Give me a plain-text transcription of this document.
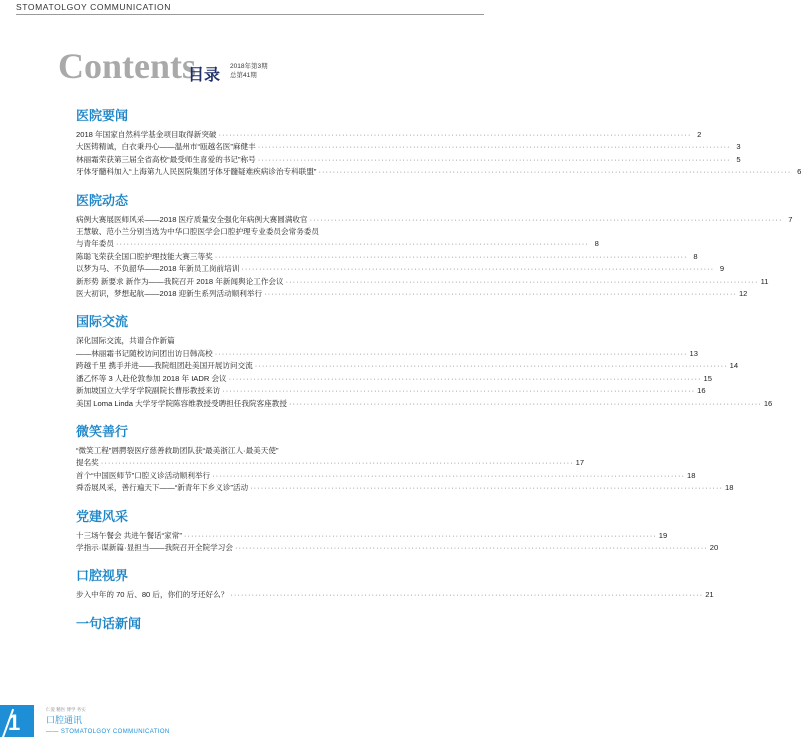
STOMATOLGOY COMMUNICATION
Contents
目录
2018年第3期
总第41期
医院要闻
2018 年国家自然科学基金项目取得新突破 ·····	2
大医铸精诚，白衣秉丹心——温州市“瓯越名医”麻健丰 ·····	3
林丽霜荣获第三届全省高校“最受师生喜爱的书记”称号 ·····	5
牙体牙髓科加入“上海第九人民医院集团牙体牙髓疑难疾病诊治专科联盟” ·····	6
医院动态
病例大赛展医师风采——2018 医疗质量安全强化年病例大赛圆满收官 ·····	7
王慧敏、范小兰分别当选为中华口腔医学会口腔护理专业委员会常务委员
与青年委员 ·····	8
陈聪飞荣获全国口腔护理技能大赛三等奖 ·····	8
以梦为马、不负韶华——2018 年新员工岗前培训 ·····	9
新形势 新要求 新作为——我院召开 2018 年新闻舆论工作会议 ·····	11
医大初识，梦想起航——2018 迎新生系列活动顺利举行 ·····	12
国际交流
深化国际交流，共谱合作新篇
——林丽霜书记随校访问团出访日韩高校 ·····	13
跨越千里 携手并进——我院组团赴美国开展访问交流 ·····	14
潘乙怀等 3 人赴伦敦参加 2018 年 IADR 会议 ·····	15
新加坡国立大学牙学院副院长曹彤教授来访 ·····	16
美国 Loma Linda 大学牙学院陈容维教授受聘担任我院客座教授 ·····	16
微笑善行
“微笑工程”唇腭裂医疗慈善救助团队获“最美浙江人·最美天使”
提名奖 ·····	17
首个“中国医师节”口腔义诊活动顺利举行 ·····	18
舜岙展风采，善行遍天下——“新青年下乡义诊”活动 ·····	18
党建风采
十三场午餐会 共进午餐话“家常” ·····	19
学指示·谋新篇·显担当——我院召开全院学习会 ·····	20
口腔视界
步入中年的 70 后、80 后，你们的牙还好么？ ·····	21
一句话新闻
1
仁爱 精医 博学 务实
口腔通讯
—— STOMATOLGOY COMMUNICATION
